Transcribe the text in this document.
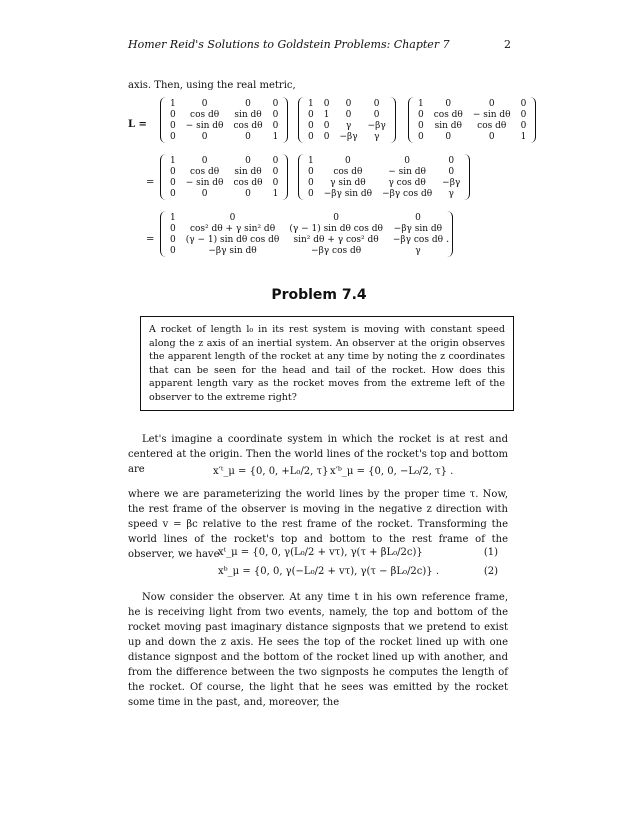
Homer Reid's Solutions to Goldstein Problems: Chapter 7	2
axis. Then, using the real metric,
L =
1	0	0	0
0	cos dθ	sin dθ	0
0	− sin dθ	cos dθ	0
0	0	0	1
1	0	0	0
0	1	0	0
0	0	γ	−βγ
0	0	−βγ	γ
1	0	0	0
0	cos dθ	− sin dθ	0
0	sin dθ	cos dθ	0
0	0	0	1
=
1	0	0	0
0	cos dθ	sin dθ	0
0	− sin dθ	cos dθ	0
0	0	0	1
1	0	0	0
0	cos dθ	− sin dθ	0
0	γ sin dθ	γ cos dθ	−βγ
0	−βγ sin dθ	−βγ cos dθ	γ
=
1	0	0	0
0	cos² dθ + γ sin² dθ	(γ − 1) sin dθ cos dθ	−βγ sin dθ
0	(γ − 1) sin dθ cos dθ	sin² dθ + γ cos² dθ	−βγ cos dθ
0	−βγ sin dθ	−βγ cos dθ	γ
.
Problem 7.4
A rocket of length l₀ in its rest system is moving with constant speed along the z axis of an inertial system. An observer at the origin observes the apparent length of the rocket at any time by noting the z coordinates that can be seen for the head and tail of the rocket. How does this apparent length vary as the rocket moves from the extreme left of the observer to the extreme right?

Let's imagine a coordinate system in which the rocket is at rest and centered at the origin. Then the world lines of the rocket's top and bottom are	x′ᵗ_μ = {0, 0, +L₀/2, τ} x′ᵇ_μ = {0, 0, −L₀/2, τ} .
where we are parameterizing the world lines by the proper time τ. Now, the rest frame of the observer is moving in the negative z direction with speed v = βc relative to the rest frame of the rocket. Transforming the world lines of the rocket's top and bottom to the rest frame of the observer, we have
xᵗ_μ = {0, 0, γ(L₀/2 + vτ), γ(τ + βL₀/2c)}	(1)
xᵇ_μ = {0, 0, γ(−L₀/2 + vτ), γ(τ − βL₀/2c)} .	(2)

Now consider the observer. At any time t in his own reference frame, he is receiving light from two events, namely, the top and bottom of the rocket moving past imaginary distance signposts that we pretend to exist up and down the z axis. He sees the top of the rocket lined up with one distance signpost and the bottom of the rocket lined up with another, and from the difference between the two signposts he computes the length of the rocket. Of course, the light that he sees was emitted by the rocket some time in the past, and, moreover, the
